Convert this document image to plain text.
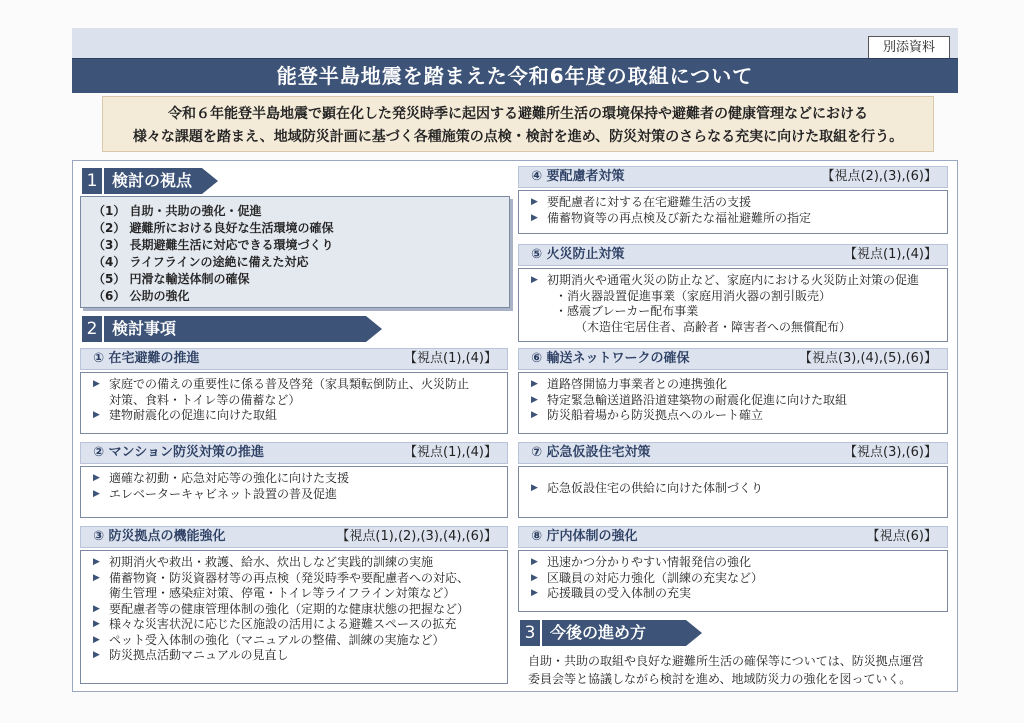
別添資料
能登半島地震を踏まえた令和6年度の取組について
令和６年能登半島地震で顕在化した発災時季に起因する避難所生活の環境保持や避難者の健康管理などにおける
様々な課題を踏まえ、地域防災計画に基づく各種施策の点検・検討を進め、防災対策のさらなる充実に向けた取組を行う。
1 検討の視点
（1） 自助・共助の強化・促進
（2） 避難所における良好な生活環境の確保
（3） 長期避難生活に対応できる環境づくり
（4） ライフラインの途絶に備えた対応
（5） 円滑な輸送体制の確保
（6） 公助の強化
2 検討事項
① 在宅避難の推進	【視点(1),(4)】
▶ 家庭での備えの重要性に係る普及啓発（家具類転倒防止、火災防止
対策、食料・トイレ等の備蓄など）
▶ 建物耐震化の促進に向けた取組
② マンション防災対策の推進	【視点(1),(4)】
▶ 適確な初動・応急対応等の強化に向けた支援
▶ エレベーターキャビネット設置の普及促進
③ 防災拠点の機能強化	【視点(1),(2),(3),(4),(6)】
▶ 初期消火や救出・救護、給水、炊出しなど実践的訓練の実施
▶ 備蓄物資・防災資器材等の再点検（発災時季や要配慮者への対応、
衛生管理・感染症対策、停電・トイレ等ライフライン対策など）
▶ 要配慮者等の健康管理体制の強化（定期的な健康状態の把握など）
▶ 様々な災害状況に応じた区施設の活用による避難スペースの拡充
▶ ペット受入体制の強化（マニュアルの整備、訓練の実施など）
▶ 防災拠点活動マニュアルの見直し
④ 要配慮者対策	【視点(2),(3),(6)】
▶ 要配慮者に対する在宅避難生活の支援
▶ 備蓄物資等の再点検及び新たな福祉避難所の指定
⑤ 火災防止対策	【視点(1),(4)】
▶ 初期消火や通電火災の防止など、家庭内における火災防止対策の促進
・消火器設置促進事業（家庭用消火器の割引販売）
・感震ブレーカー配布事業
（木造住宅居住者、高齢者・障害者への無償配布）
⑥ 輸送ネットワークの確保	【視点(3),(4),(5),(6)】
▶ 道路啓開協力事業者との連携強化
▶ 特定緊急輸送道路沿道建築物の耐震化促進に向けた取組
▶ 防災船着場から防災拠点へのルート確立
⑦ 応急仮設住宅対策	【視点(3),(6)】
▶ 応急仮設住宅の供給に向けた体制づくり
⑧ 庁内体制の強化	【視点(6)】
▶ 迅速かつ分かりやすい情報発信の強化
▶ 区職員の対応力強化（訓練の充実など）
▶ 応援職員の受入体制の充実
3 今後の進め方
自助・共助の取組や良好な避難所生活の確保等については、防災拠点運営
委員会等と協議しながら検討を進め、地域防災力の強化を図っていく。
